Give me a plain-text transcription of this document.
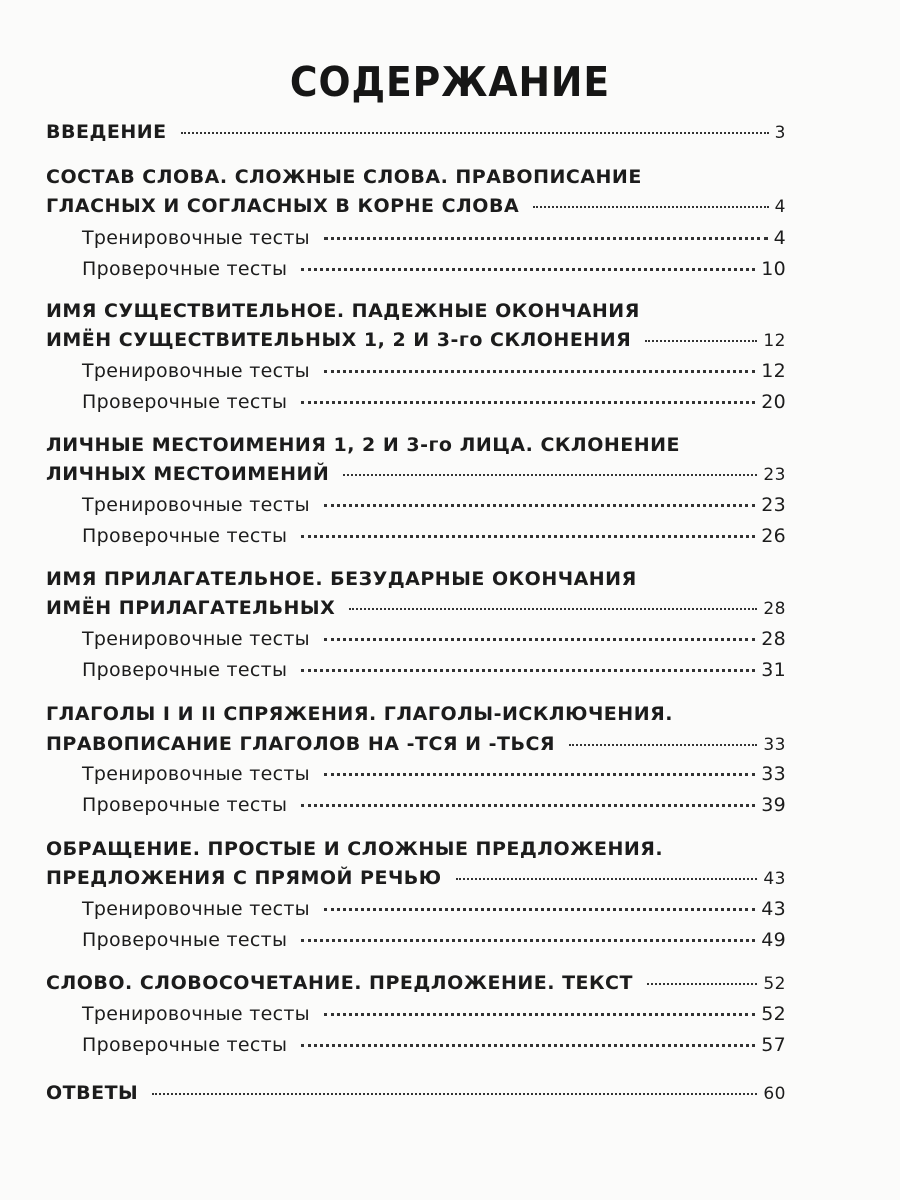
СОДЕРЖАНИЕ
ВВЕДЕНИЕ	3
СОСТАВ СЛОВА. СЛОЖНЫЕ СЛОВА. ПРАВОПИСАНИЕ
ГЛАСНЫХ И СОГЛАСНЫХ В КОРНЕ СЛОВА	4
Тренировочные тесты	4
Проверочные тесты	10
ИМЯ СУЩЕСТВИТЕЛЬНОЕ. ПАДЕЖНЫЕ ОКОНЧАНИЯ
ИМЁН СУЩЕСТВИТЕЛЬНЫХ 1, 2 И 3-го СКЛОНЕНИЯ	12
Тренировочные тесты	12
Проверочные тесты	20
ЛИЧНЫЕ МЕСТОИМЕНИЯ 1, 2 И 3-го ЛИЦА. СКЛОНЕНИЕ
ЛИЧНЫХ МЕСТОИМЕНИЙ	23
Тренировочные тесты	23
Проверочные тесты	26
ИМЯ ПРИЛАГАТЕЛЬНОЕ. БЕЗУДАРНЫЕ ОКОНЧАНИЯ
ИМЁН ПРИЛАГАТЕЛЬНЫХ	28
Тренировочные тесты	28
Проверочные тесты	31
ГЛАГОЛЫ I И II СПРЯЖЕНИЯ. ГЛАГОЛЫ-ИСКЛЮЧЕНИЯ.
ПРАВОПИСАНИЕ ГЛАГОЛОВ НА -ТСЯ И -ТЬСЯ	33
Тренировочные тесты	33
Проверочные тесты	39
ОБРАЩЕНИЕ. ПРОСТЫЕ И СЛОЖНЫЕ ПРЕДЛОЖЕНИЯ.
ПРЕДЛОЖЕНИЯ С ПРЯМОЙ РЕЧЬЮ	43
Тренировочные тесты	43
Проверочные тесты	49
СЛОВО. СЛОВОСОЧЕТАНИЕ. ПРЕДЛОЖЕНИЕ. ТЕКСТ	52
Тренировочные тесты	52
Проверочные тесты	57
ОТВЕТЫ	60
